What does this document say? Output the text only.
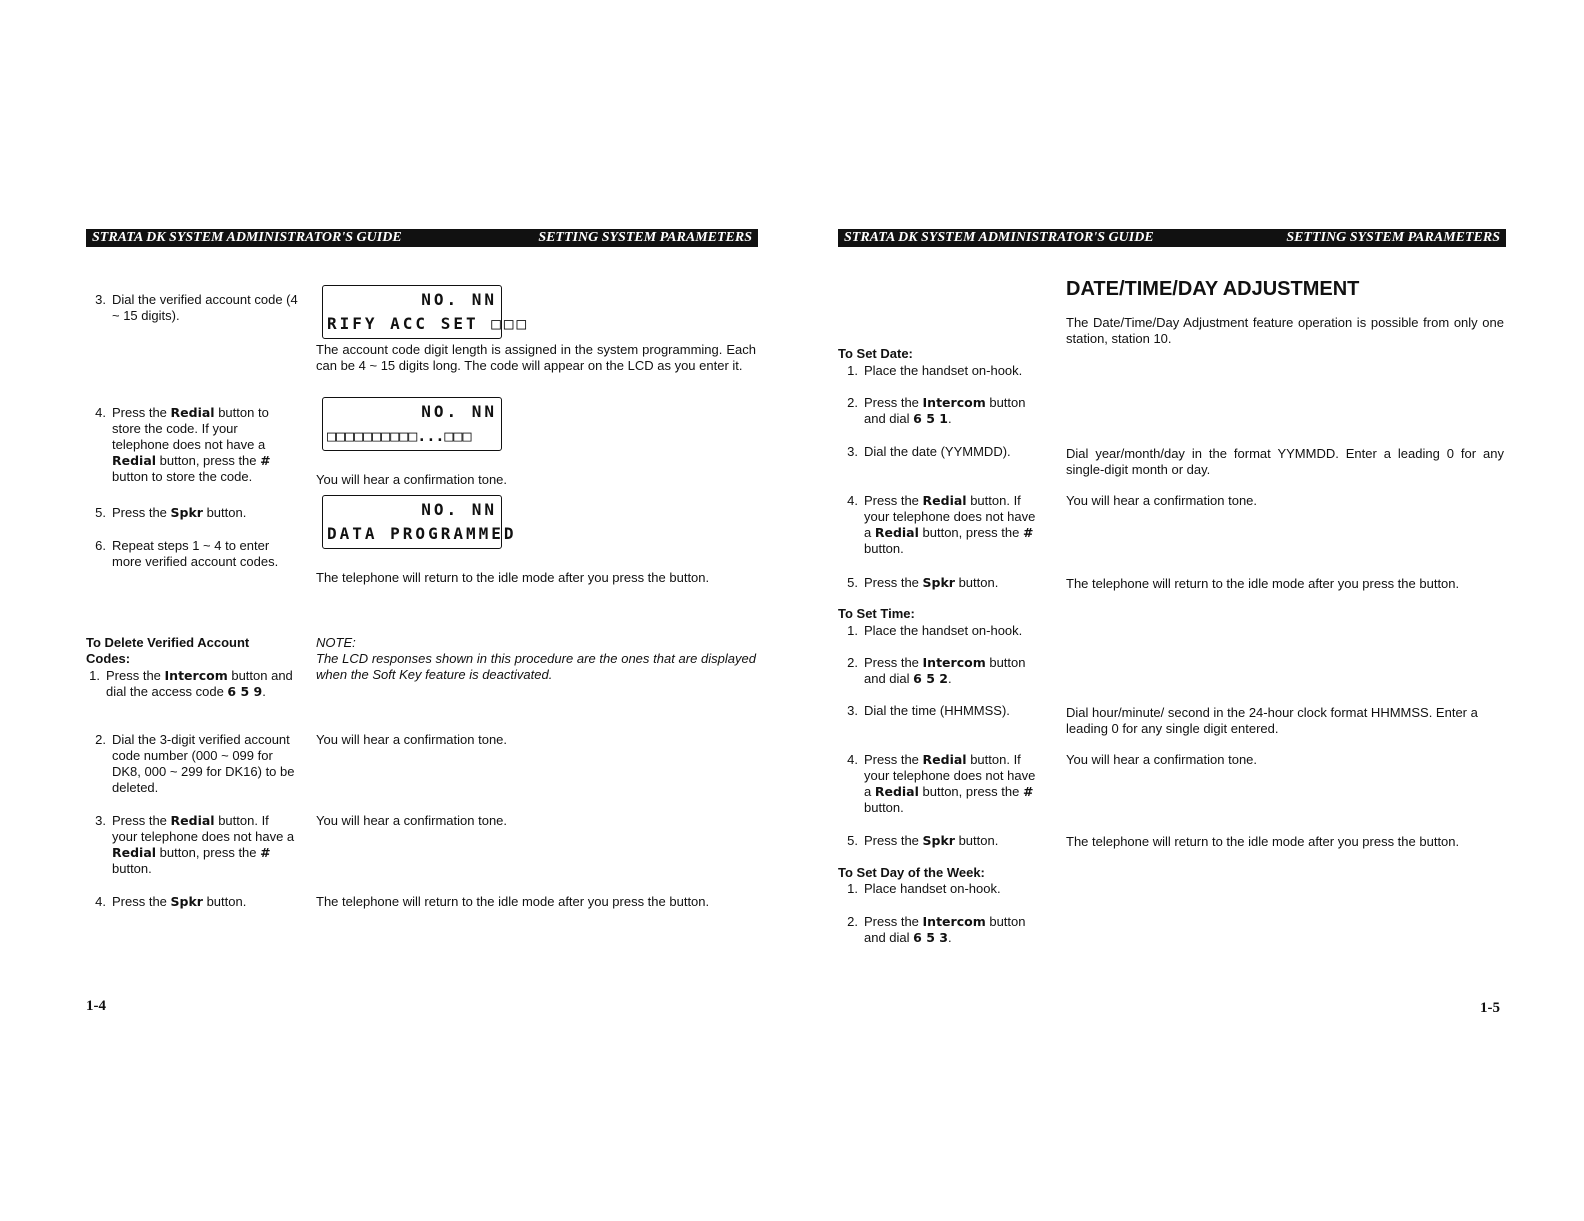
STRATA DK SYSTEM ADMINISTRATOR'S GUIDE	SETTING SYSTEM PARAMETERS
3. Dial the verified account code (4 ~ 15 digits).
NO. NN
RIFY ACC SET □□□
The account code digit length is assigned in the system programming. Each can be 4 ~ 15 digits long. The code will appear on the LCD as you enter it.
4. Press the Redial button to store the code. If your telephone does not have a Redial button, press the # button to store the code.
NO. NN
□□□□□□□□□□...□□□
You will hear a confirmation tone.
5. Press the Spkr button.	NO. NN
DATA PROGRAMMED
6. Repeat steps 1 ~ 4 to enter more verified account codes.
The telephone will return to the idle mode after you press the button.
To Delete Verified Account Codes:
NOTE:
The LCD responses shown in this procedure are the ones that are displayed when the Soft Key feature is deactivated.
1. Press the Intercom button and dial the access code 6 5 9.
2. Dial the 3-digit verified account code number (000 ~ 099 for DK8, 000 ~ 299 for DK16) to be deleted.
You will hear a confirmation tone.
3. Press the Redial button. If your telephone does not have a Redial button, press the # button.
You will hear a confirmation tone.
4. Press the Spkr button.	The telephone will return to the idle mode after you press the button.
1-4
STRATA DK SYSTEM ADMINISTRATOR'S GUIDE	SETTING SYSTEM PARAMETERS
DATE/TIME/DAY ADJUSTMENT
The Date/Time/Day Adjustment feature operation is possible from only one station, station 10.
To Set Date:
1. Place the handset on-hook.
2. Press the Intercom button and dial 6 5 1.
3. Dial the date (YYMMDD).	Dial year/month/day in the format YYMMDD. Enter a leading 0 for any single-digit month or day.
4. Press the Redial button. If your telephone does not have a Redial button, press the # button.
You will hear a confirmation tone.
5. Press the Spkr button.	The telephone will return to the idle mode after you press the button.
To Set Time:
1. Place the handset on-hook.
2. Press the Intercom button and dial 6 5 2.
3. Dial the time (HHMMSS).	Dial hour/minute/ second in the 24-hour clock format HHMMSS. Enter a leading 0 for any single digit entered.
4. Press the Redial button. If your telephone does not have a Redial button, press the # button.
You will hear a confirmation tone.
5. Press the Spkr button.	The telephone will return to the idle mode after you press the button.
To Set Day of the Week:
1. Place handset on-hook.
2. Press the Intercom button and dial 6 5 3.
1-5
